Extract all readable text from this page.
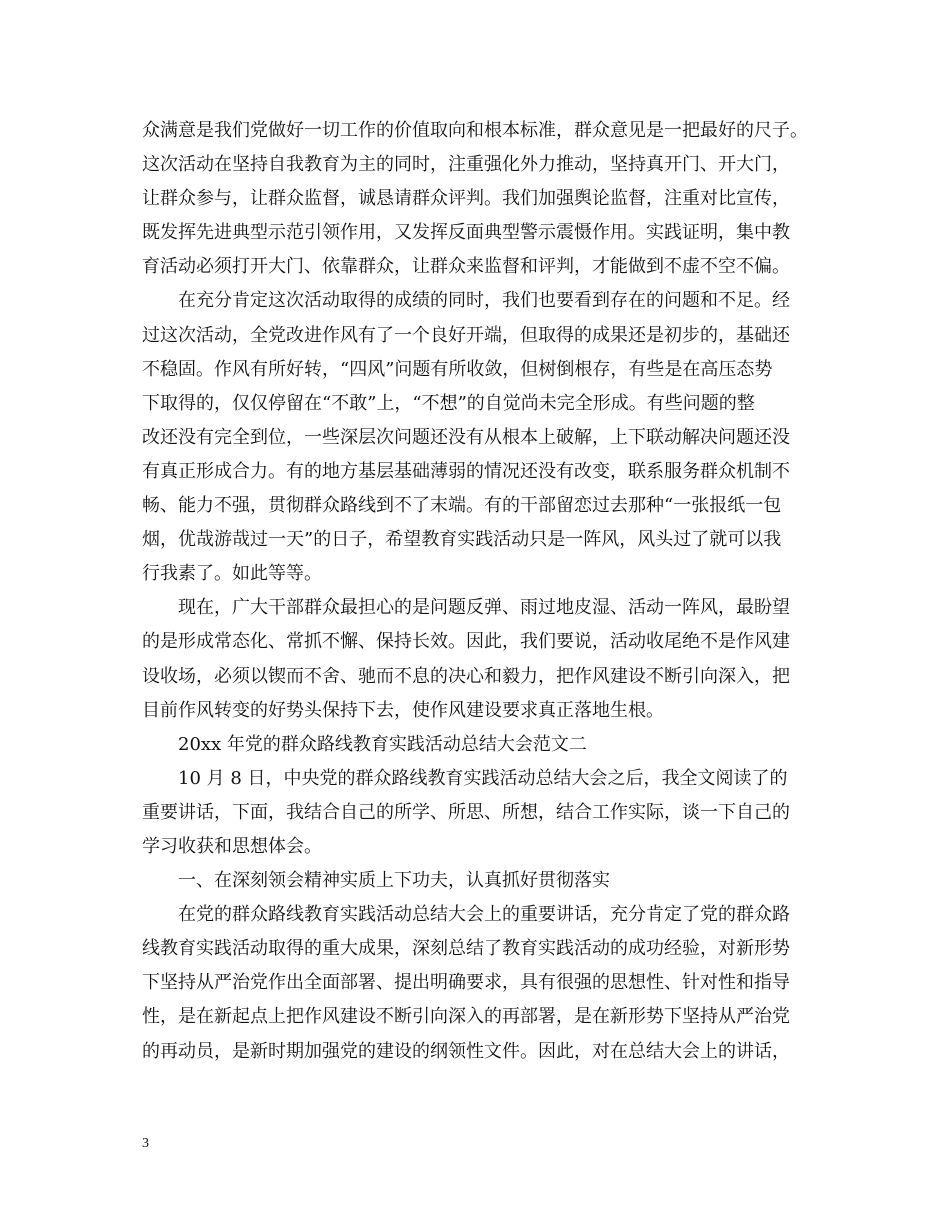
众满意是我们党做好一切工作的价值取向和根本标准，群众意见是一把最好的尺子。
这次活动在坚持自我教育为主的同时，注重强化外力推动，坚持真开门、开大门，
让群众参与，让群众监督，诚恳请群众评判。我们加强舆论监督，注重对比宣传，
既发挥先进典型示范引领作用，又发挥反面典型警示震慑作用。实践证明，集中教
育活动必须打开大门、依靠群众，让群众来监督和评判，才能做到不虚不空不偏。
在充分肯定这次活动取得的成绩的同时，我们也要看到存在的问题和不足。经
过这次活动，全党改进作风有了一个良好开端，但取得的成果还是初步的，基础还
不稳固。作风有所好转，“四风”问题有所收敛，但树倒根存，有些是在高压态势
下取得的，仅仅停留在“不敢”上，“不想”的自觉尚未完全形成。有些问题的整
改还没有完全到位，一些深层次问题还没有从根本上破解，上下联动解决问题还没
有真正形成合力。有的地方基层基础薄弱的情况还没有改变，联系服务群众机制不
畅、能力不强，贯彻群众路线到不了末端。有的干部留恋过去那种“一张报纸一包
烟，优哉游哉过一天”的日子，希望教育实践活动只是一阵风，风头过了就可以我
行我素了。如此等等。
现在，广大干部群众最担心的是问题反弹、雨过地皮湿、活动一阵风，最盼望
的是形成常态化、常抓不懈、保持长效。因此，我们要说，活动收尾绝不是作风建
设收场，必须以锲而不舍、驰而不息的决心和毅力，把作风建设不断引向深入，把
目前作风转变的好势头保持下去，使作风建设要求真正落地生根。
20xx 年党的群众路线教育实践活动总结大会范文二
10 月 8 日，中央党的群众路线教育实践活动总结大会之后，我全文阅读了的
重要讲话，下面，我结合自己的所学、所思、所想，结合工作实际，谈一下自己的
学习收获和思想体会。
一、在深刻领会精神实质上下功夫，认真抓好贯彻落实
在党的群众路线教育实践活动总结大会上的重要讲话，充分肯定了党的群众路
线教育实践活动取得的重大成果，深刻总结了教育实践活动的成功经验，对新形势
下坚持从严治党作出全面部署、提出明确要求，具有很强的思想性、针对性和指导
性，是在新起点上把作风建设不断引向深入的再部署，是在新形势下坚持从严治党
的再动员，是新时期加强党的建设的纲领性文件。因此，对在总结大会上的讲话，
3
